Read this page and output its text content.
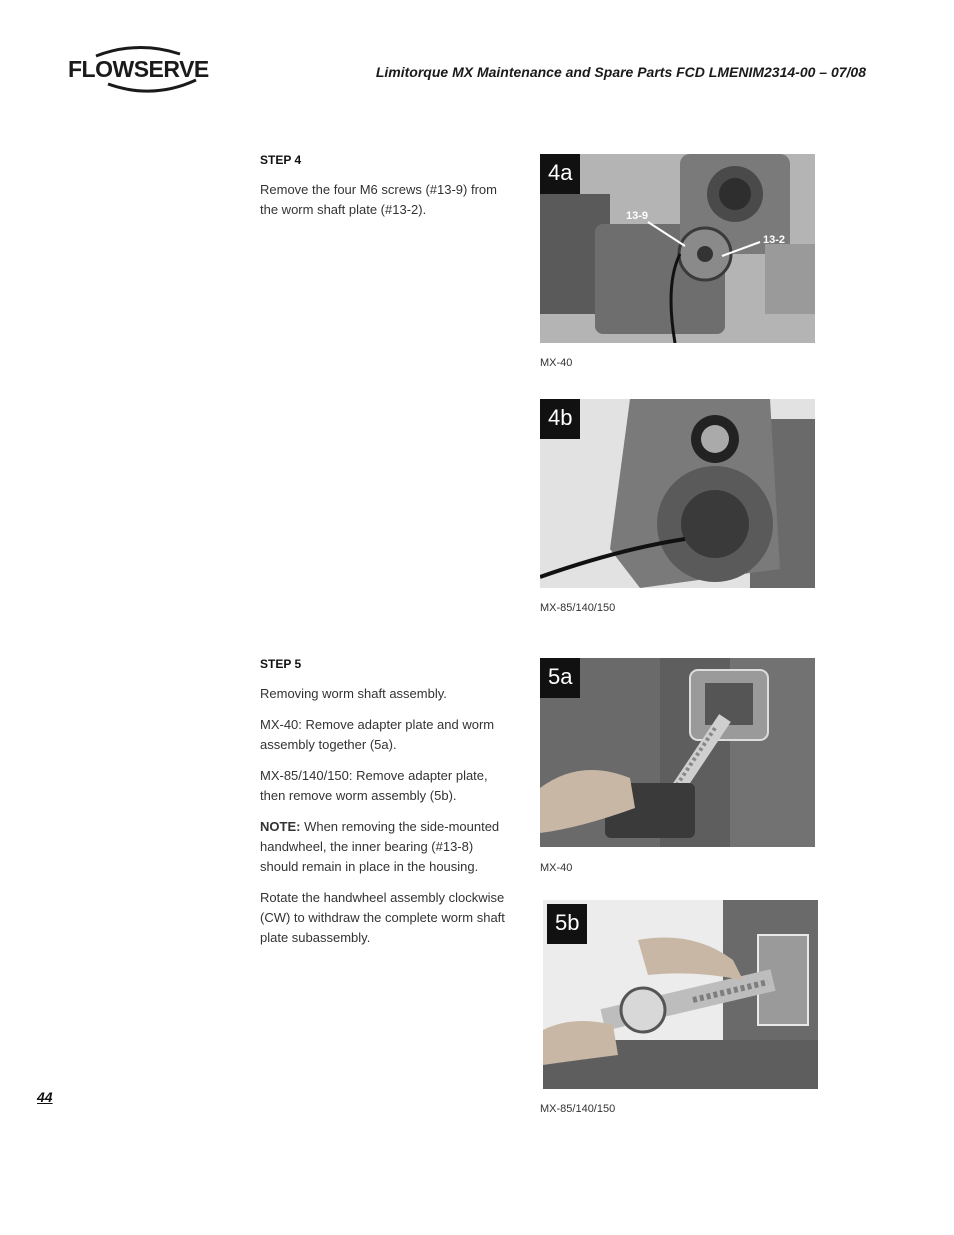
FLOWSERVE	Limitorque MX Maintenance and Spare Parts FCD LMENIM2314-00 – 07/08

STEP 4

Remove the four M6 screws (#13-9) from the worm shaft plate (#13-2).

STEP 5

Removing worm shaft assembly.

MX-40: Remove adapter plate and worm assembly together (5a).

MX-85/140/150: Remove adapter plate, then remove worm assembly (5b).

NOTE: When removing the side-mounted handwheel, the inner bearing (#13-8) should remain in place in the housing.

Rotate the handwheel assembly clockwise (CW) to withdraw the complete worm shaft plate subassembly.

4a
13-9
13-2
MX-40
4b
MX-85/140/150
5a
MX-40
5b
MX-85/140/150
44
